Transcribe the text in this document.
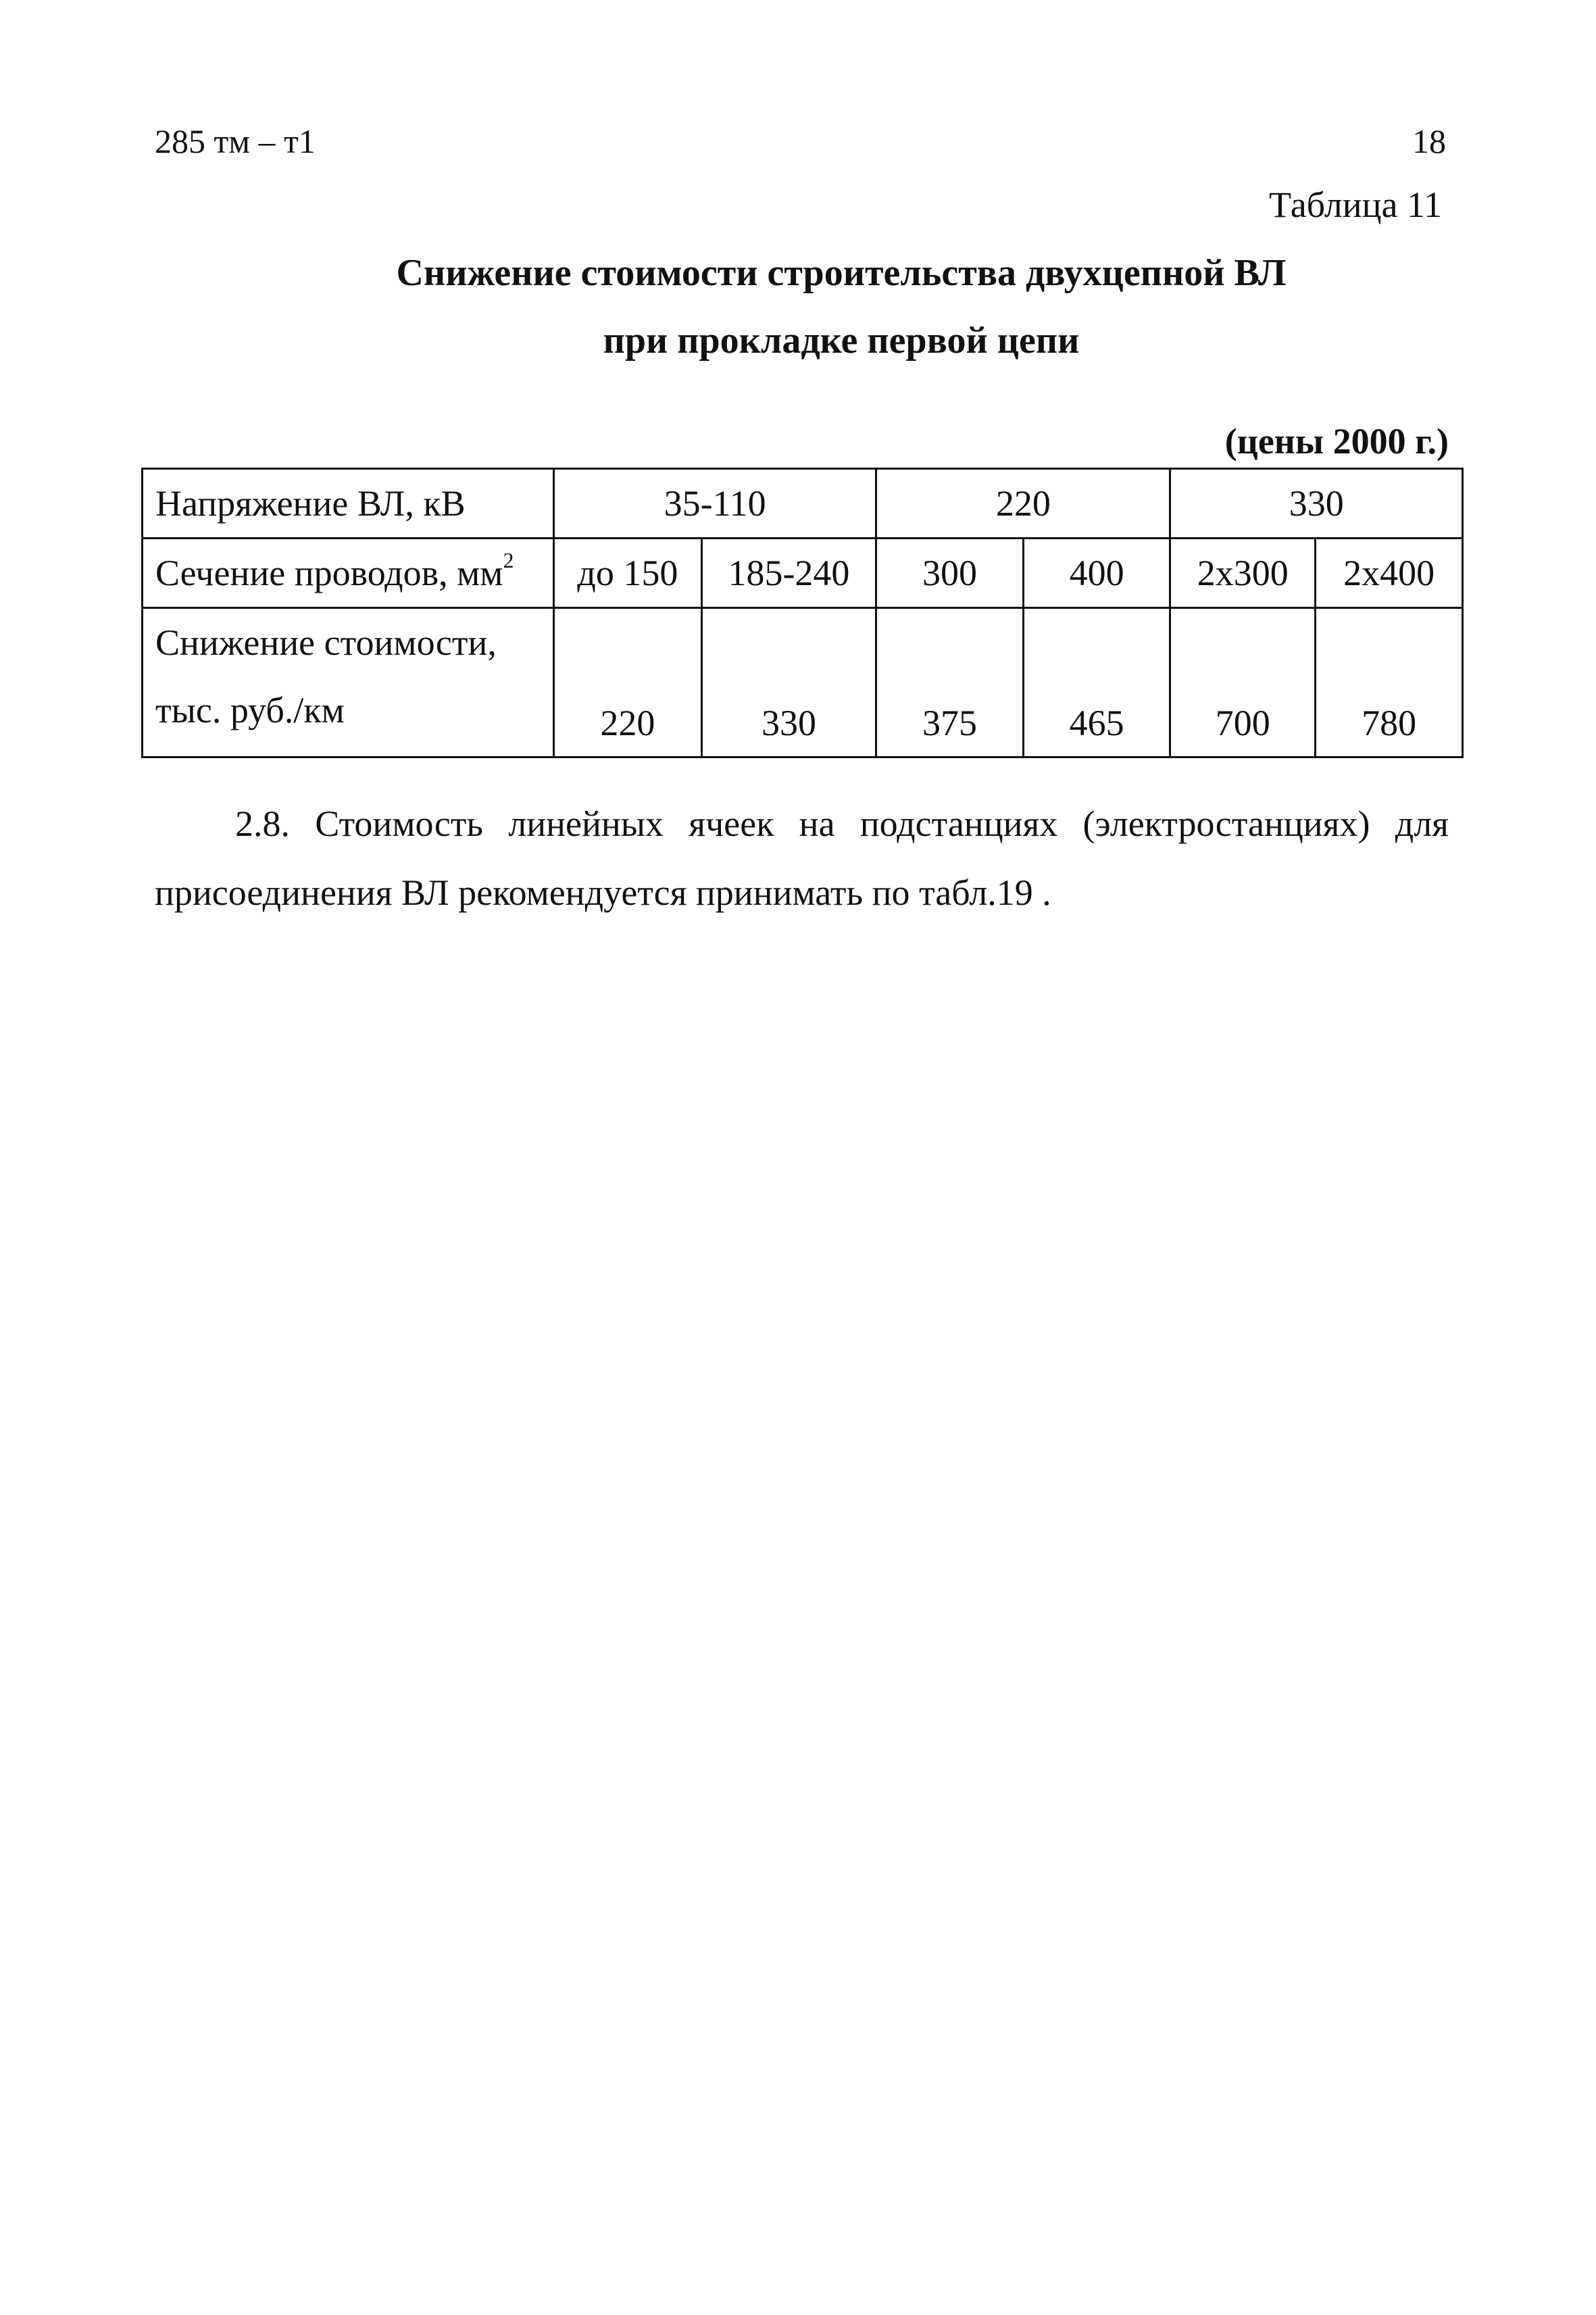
285 тм – т1	18
Таблица 11
Снижение стоимости строительства двухцепной ВЛ
при прокладке первой цепи
(цены 2000 г.)
Напряжение ВЛ, кВ	35-110		220		330	
Сечение проводов, $мм^2$	до 150	185-240	300	400	2х300	2х400

Снижение стоимости,
тыс. руб./км	220	330	375	465	700	780
2.8. Стоимость линейных ячеек на подстанциях (электростанциях) для
присоединения ВЛ рекомендуется принимать по табл.19 .
